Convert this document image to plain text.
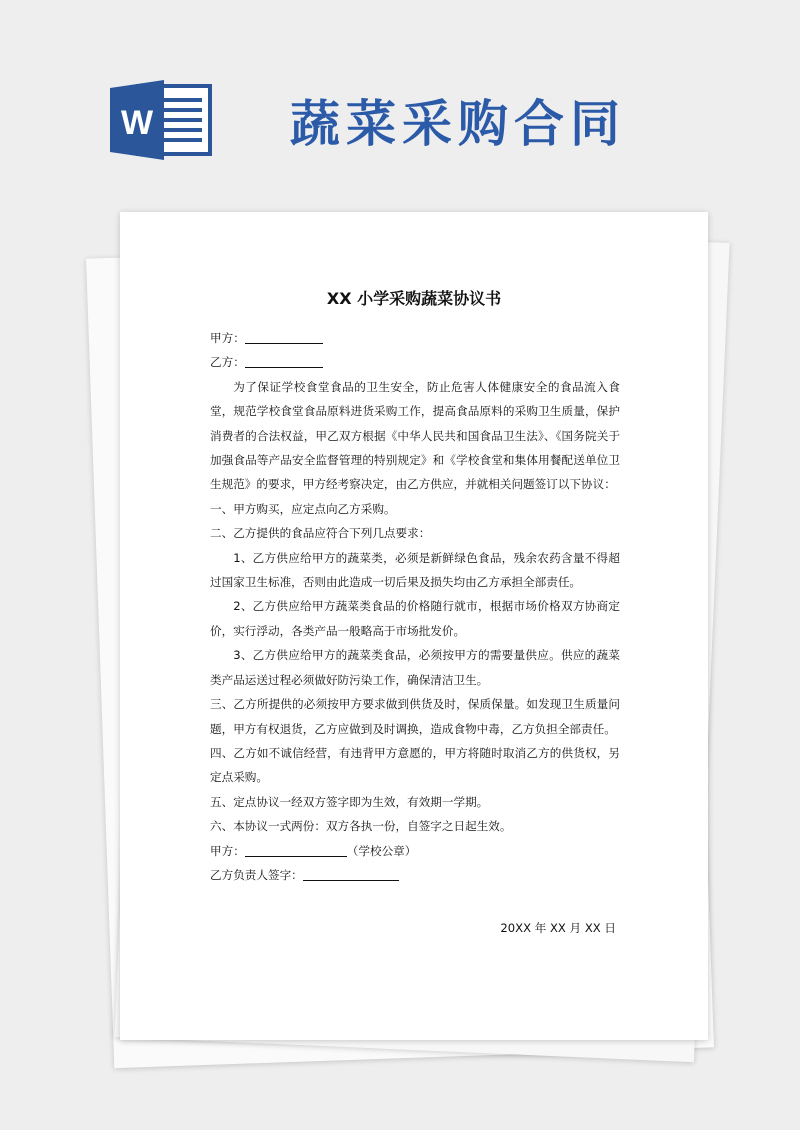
W	蔬菜采购合同
XX 小学采购蔬菜协议书
甲方：
乙方：
为了保证学校食堂食品的卫生安全，防止危害人体健康安全的食品流入食堂，规范学校食堂食品原料进货采购工作，提高食品原料的采购卫生质量，保护消费者的合法权益，甲乙双方根据《中华人民共和国食品卫生法》、《国务院关于加强食品等产品安全监督管理的特别规定》和《学校食堂和集体用餐配送单位卫生规范》的要求，甲方经考察决定，由乙方供应，并就相关问题签订以下协议：
一、甲方购买，应定点向乙方采购。
二、乙方提供的食品应符合下列几点要求：
1、乙方供应给甲方的蔬菜类，必须是新鲜绿色食品，残余农药含量不得超过国家卫生标准，否则由此造成一切后果及损失均由乙方承担全部责任。
2、乙方供应给甲方蔬菜类食品的价格随行就市，根据市场价格双方协商定价，实行浮动，各类产品一般略高于市场批发价。
3、乙方供应给甲方的蔬菜类食品，必须按甲方的需要量供应。供应的蔬菜类产品运送过程必须做好防污染工作，确保清洁卫生。
三、乙方所提供的必须按甲方要求做到供货及时，保质保量。如发现卫生质量问题，甲方有权退货，乙方应做到及时调换，造成食物中毒，乙方负担全部责任。
四、乙方如不诚信经营，有违背甲方意愿的，甲方将随时取消乙方的供货权，另定点采购。
五、定点协议一经双方签字即为生效，有效期一学期。
六、本协议一式两份：双方各执一份，自签字之日起生效。
甲方：	（学校公章）
乙方负责人签字：
20XX 年 XX 月 XX 日
